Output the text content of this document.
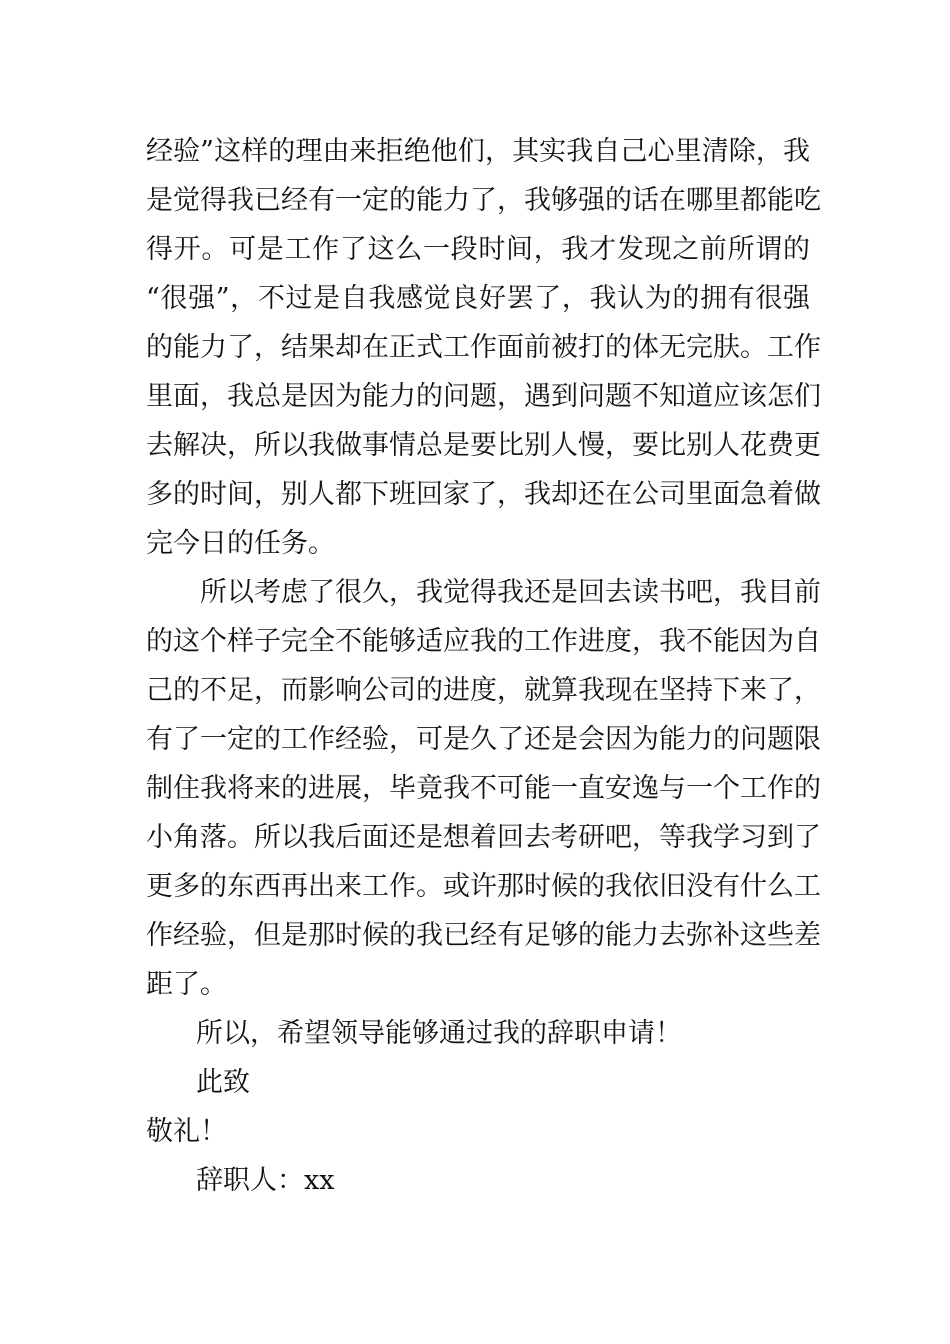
经验”这样的理由来拒绝他们，其实我自己心里清除，我
是觉得我已经有一定的能力了，我够强的话在哪里都能吃
得开。可是工作了这么一段时间，我才发现之前所谓的
“很强”，不过是自我感觉良好罢了，我认为的拥有很强
的能力了，结果却在正式工作面前被打的体无完肤。工作
里面，我总是因为能力的问题，遇到问题不知道应该怎们
去解决，所以我做事情总是要比别人慢，要比别人花费更
多的时间，别人都下班回家了，我却还在公司里面急着做
完今日的任务。
所以考虑了很久，我觉得我还是回去读书吧，我目前
的这个样子完全不能够适应我的工作进度，我不能因为自
己的不足，而影响公司的进度，就算我现在坚持下来了，
有了一定的工作经验，可是久了还是会因为能力的问题限
制住我将来的进展，毕竟我不可能一直安逸与一个工作的
小角落。所以我后面还是想着回去考研吧，等我学习到了
更多的东西再出来工作。或许那时候的我依旧没有什么工
作经验，但是那时候的我已经有足够的能力去弥补这些差
距了。
所以，希望领导能够通过我的辞职申请！
此致
敬礼！
辞职人：xx
